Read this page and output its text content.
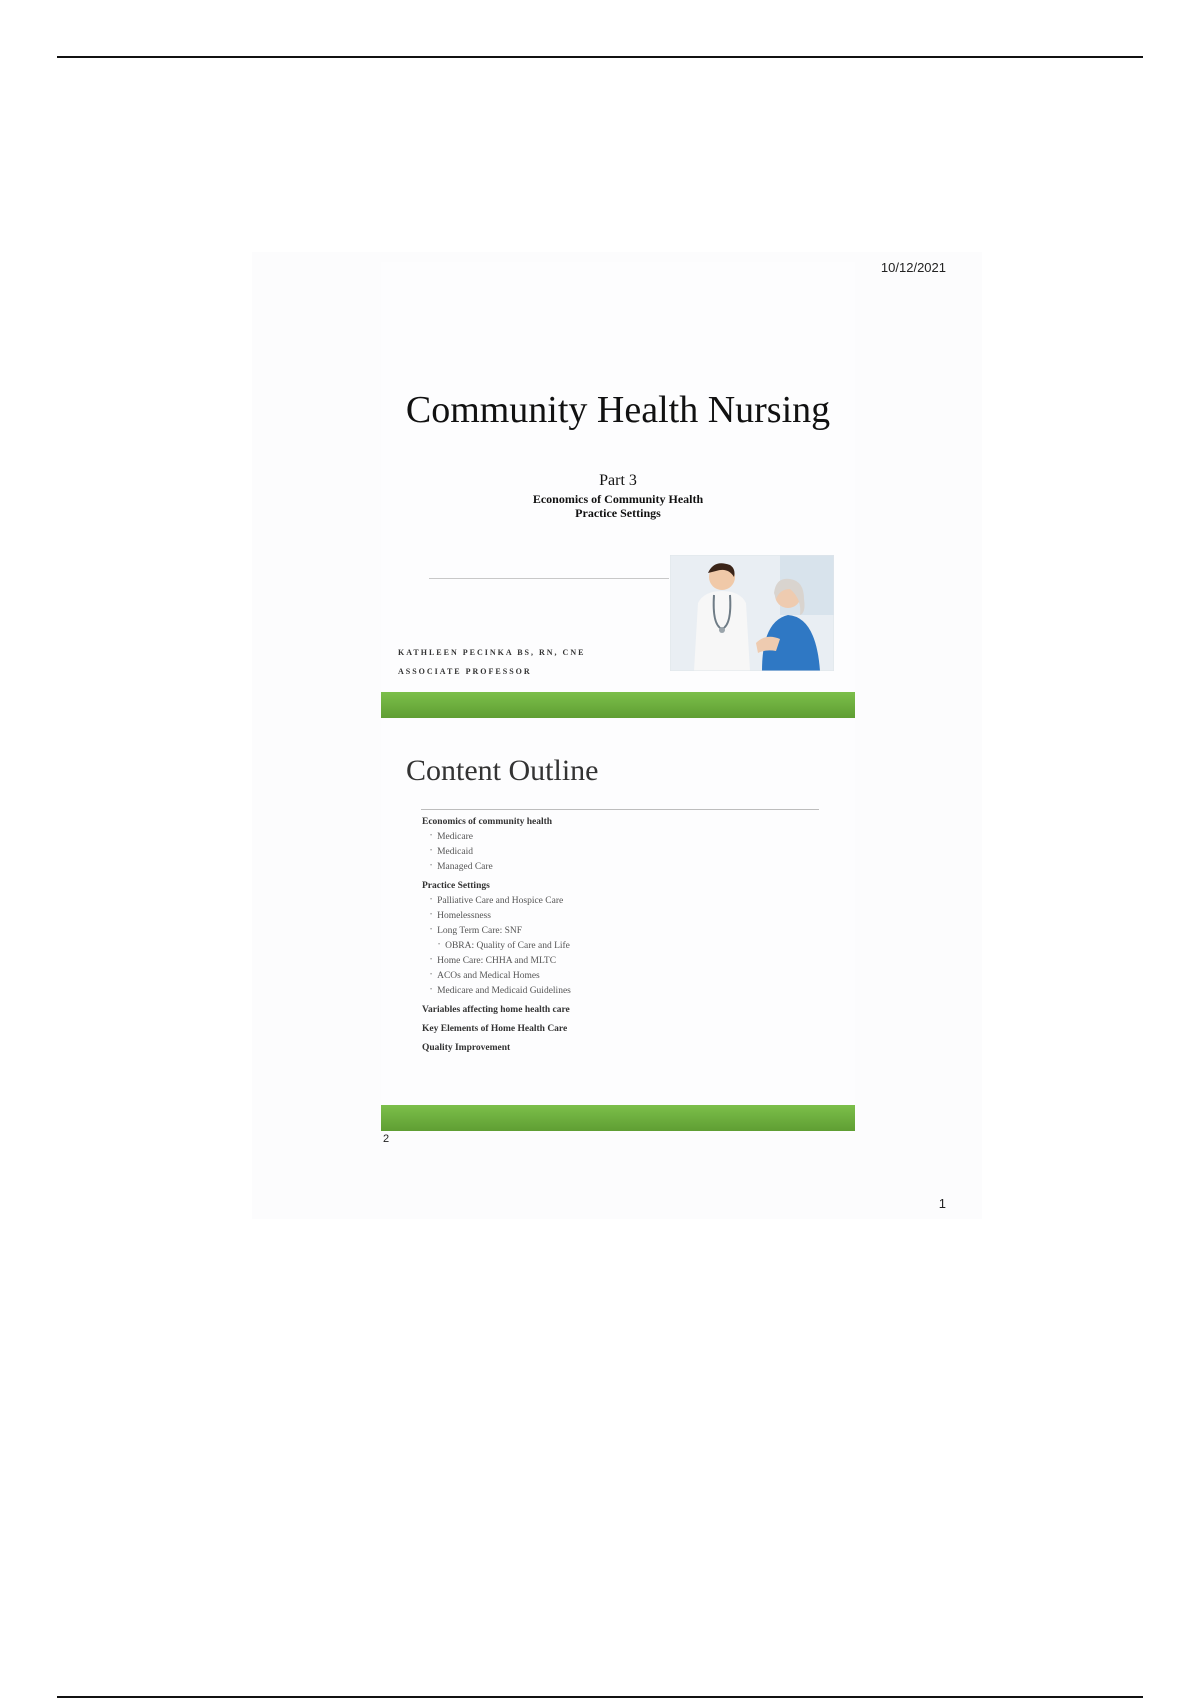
10/12/2021
Community Health Nursing
Part 3
Economics of Community Health
Practice Settings
KATHLEEN PECINKA BS, RN, CNE
ASSOCIATE PROFESSOR
Content Outline
Economics of community health
• Medicare
• Medicaid
• Managed Care
Practice Settings
• Palliative Care and Hospice Care
• Homelessness
• Long Term Care: SNF
• OBRA: Quality of Care and Life
• Home Care: CHHA and MLTC
• ACOs and Medical Homes
• Medicare and Medicaid Guidelines
Variables affecting home health care
Key Elements of Home Health Care
Quality Improvement
2
1
